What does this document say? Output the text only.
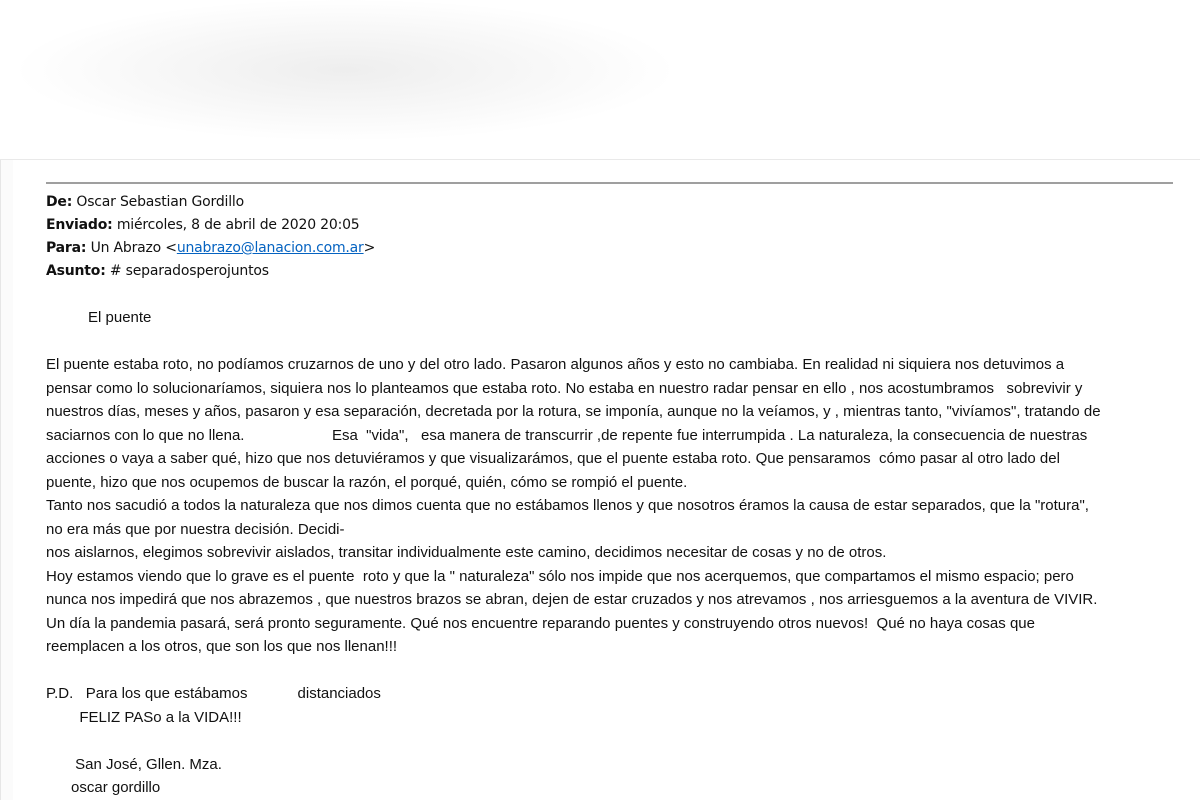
De: Oscar Sebastian Gordillo
Enviado: miércoles, 8 de abril de 2020 20:05
Para: Un Abrazo <unabrazo@lanacion.com.ar>
Asunto: # separadosperojuntos
El puente
El puente estaba roto, no podíamos cruzarnos de uno y del otro lado. Pasaron algunos años y esto no cambiaba. En realidad ni siquiera nos detuvimos a
pensar como lo solucionaríamos, siquiera nos lo planteamos que estaba roto. No estaba en nuestro radar pensar en ello , nos acostumbramos   sobrevivir y
nuestros días, meses y años, pasaron y esa separación, decretada por la rotura, se imponía, aunque no la veíamos, y , mientras tanto, "vivíamos", tratando de
saciarnos con lo que no llena.                     Esa  "vida",   esa manera de transcurrir ,de repente fue interrumpida . La naturaleza, la consecuencia de nuestras
acciones o vaya a saber qué, hizo que nos detuviéramos y que visualizarámos, que el puente estaba roto. Que pensaramos  cómo pasar al otro lado del
puente, hizo que nos ocupemos de buscar la razón, el porqué, quién, cómo se rompió el puente.
Tanto nos sacudió a todos la naturaleza que nos dimos cuenta que no estábamos llenos y que nosotros éramos la causa de estar separados, que la "rotura",
no era más que por nuestra decisión. Decidi-
nos aislarnos, elegimos sobrevivir aislados, transitar individualmente este camino, decidimos necesitar de cosas y no de otros.
Hoy estamos viendo que lo grave es el puente  roto y que la " naturaleza" sólo nos impide que nos acerquemos, que compartamos el mismo espacio; pero
nunca nos impedirá que nos abrazemos , que nuestros brazos se abran, dejen de estar cruzados y nos atrevamos , nos arriesguemos a la aventura de VIVIR.
Un día la pandemia pasará, será pronto seguramente. Qué nos encuentre reparando puentes y construyendo otros nuevos!  Qué no haya cosas que
reemplacen a los otros, que son los que nos llenan!!!
P.D.   Para los que estábamos            distanciados
FELIZ PASo a la VIDA!!!
San José, Gllen. Mza.
oscar gordillo
